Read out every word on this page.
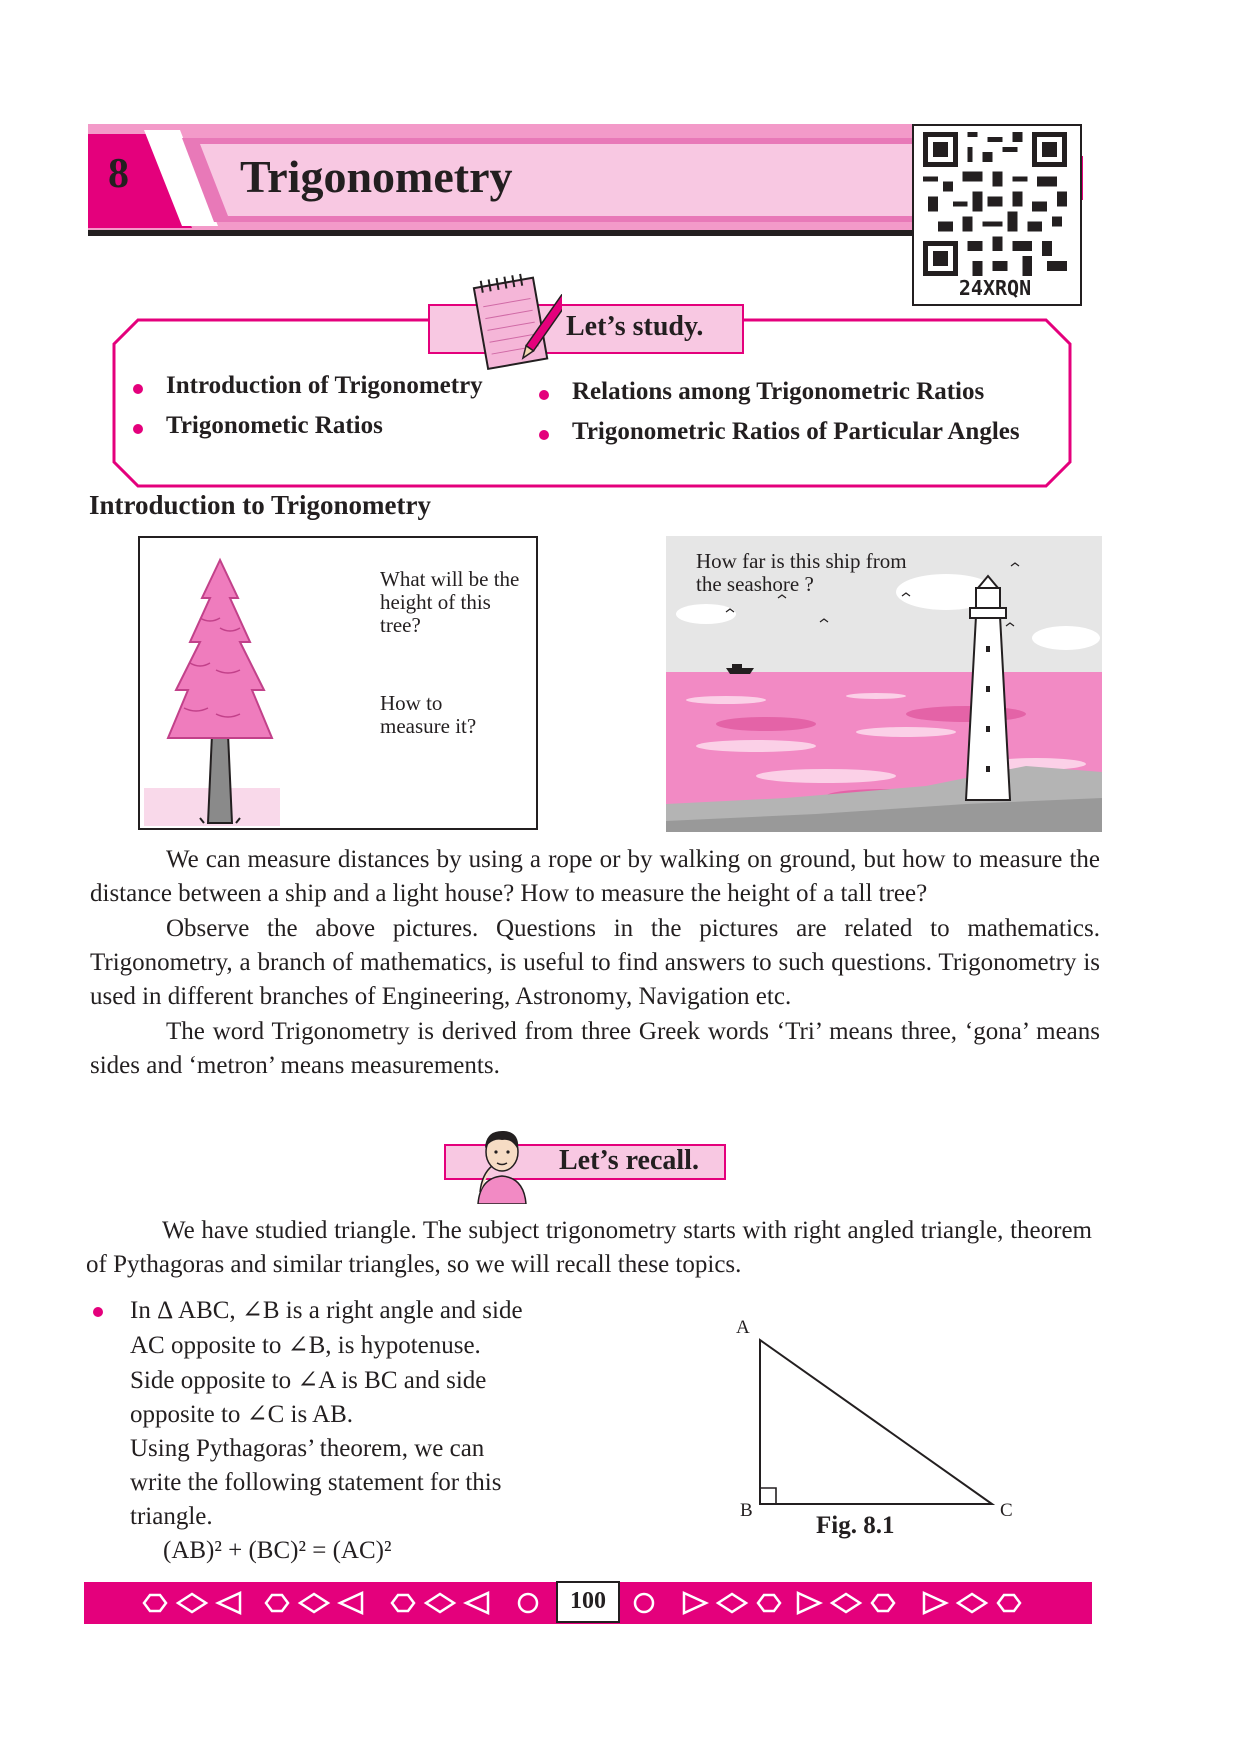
8 Trigonometry
24XRQN
Let’s study.
Introduction of Trigonometry
Trigonometic Ratios
Relations among Trigonometric Ratios
Trigonometric Ratios of Particular Angles
Introduction to Trigonometry
What will be the height of this tree?
How to measure it?
How far is this ship from the seashore ?
We can measure distances by using a rope or by walking on ground, but how to measure the distance between a ship and a light house? How to measure the height of a tall tree?
Observe the above pictures. Questions in the pictures are related to mathematics. Trigonometry, a branch of mathematics, is useful to find answers to such questions. Trigonometry is used in different branches of Engineering, Astronomy, Navigation etc.
The word Trigonometry is derived from three Greek words ‘Tri’ means three, ‘gona’ means sides and ‘metron’ means measurements.
Let’s recall.
We have studied triangle. The subject trigonometry starts with right angled triangle, theorem of Pythagoras and similar triangles, so we will recall these topics.
In Δ ABC, ∠B is a right angle and side
AC opposite to ∠B, is hypotenuse.
Side opposite to ∠A is BC and side
opposite to ∠C is AB.
Using Pythagoras’ theorem, we can
write the following statement for this
triangle.
(AB)² + (BC)² = (AC)²
A
B	C
Fig. 8.1
100
